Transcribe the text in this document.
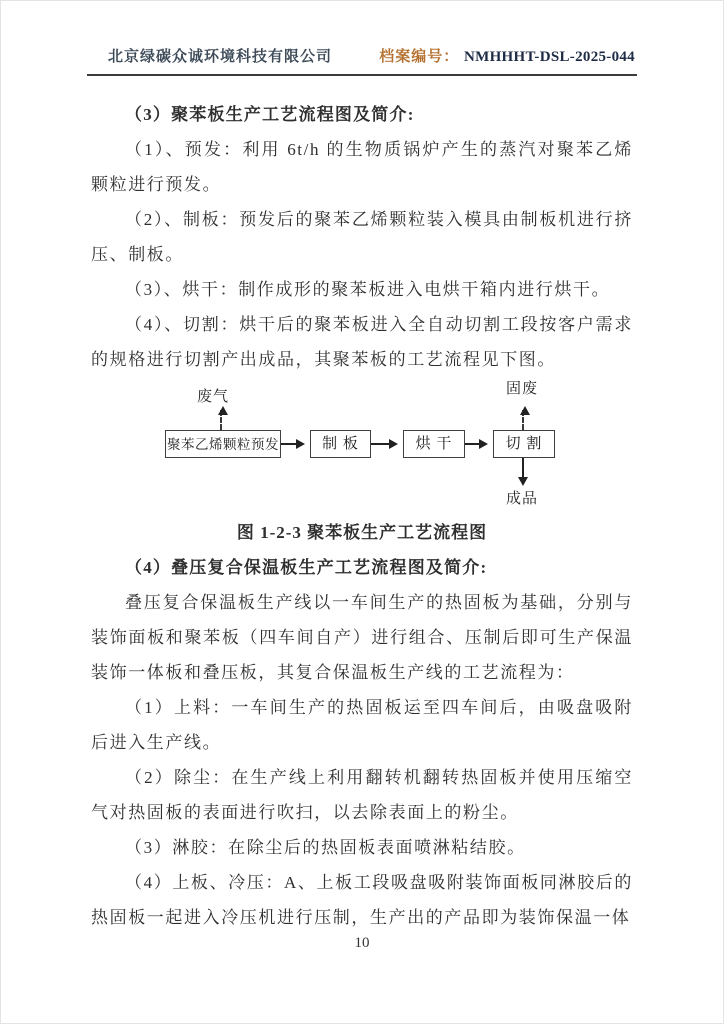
北京绿碳众诚环境科技有限公司	档案编号： NMHHHT-DSL-2025-044

（3）聚苯板生产工艺流程图及简介:

（1）、预发：利用 6t/h 的生物质锅炉产生的蒸汽对聚苯乙烯颗粒进行预发。

（2）、制板：预发后的聚苯乙烯颗粒装入模具由制板机进行挤压、制板。

（3）、烘干：制作成形的聚苯板进入电烘干箱内进行烘干。

（4）、切割：烘干后的聚苯板进入全自动切割工段按客户需求的规格进行切割产出成品，其聚苯板的工艺流程见下图。

废气
聚苯乙烯颗粒预发	制 板	烘 干	切 割
固废
成品

图 1-2-3 聚苯板生产工艺流程图

（4）叠压复合保温板生产工艺流程图及简介:

叠压复合保温板生产线以一车间生产的热固板为基础，分别与装饰面板和聚苯板（四车间自产）进行组合、压制后即可生产保温装饰一体板和叠压板，其复合保温板生产线的工艺流程为：

（1）上料：一车间生产的热固板运至四车间后，由吸盘吸附后进入生产线。

（2）除尘：在生产线上利用翻转机翻转热固板并使用压缩空气对热固板的表面进行吹扫，以去除表面上的粉尘。

（3）淋胶：在除尘后的热固板表面喷淋粘结胶。

（4）上板、冷压：A、上板工段吸盘吸附装饰面板同淋胶后的热固板一起进入冷压机进行压制，生产出的产品即为装饰保温一体

10
